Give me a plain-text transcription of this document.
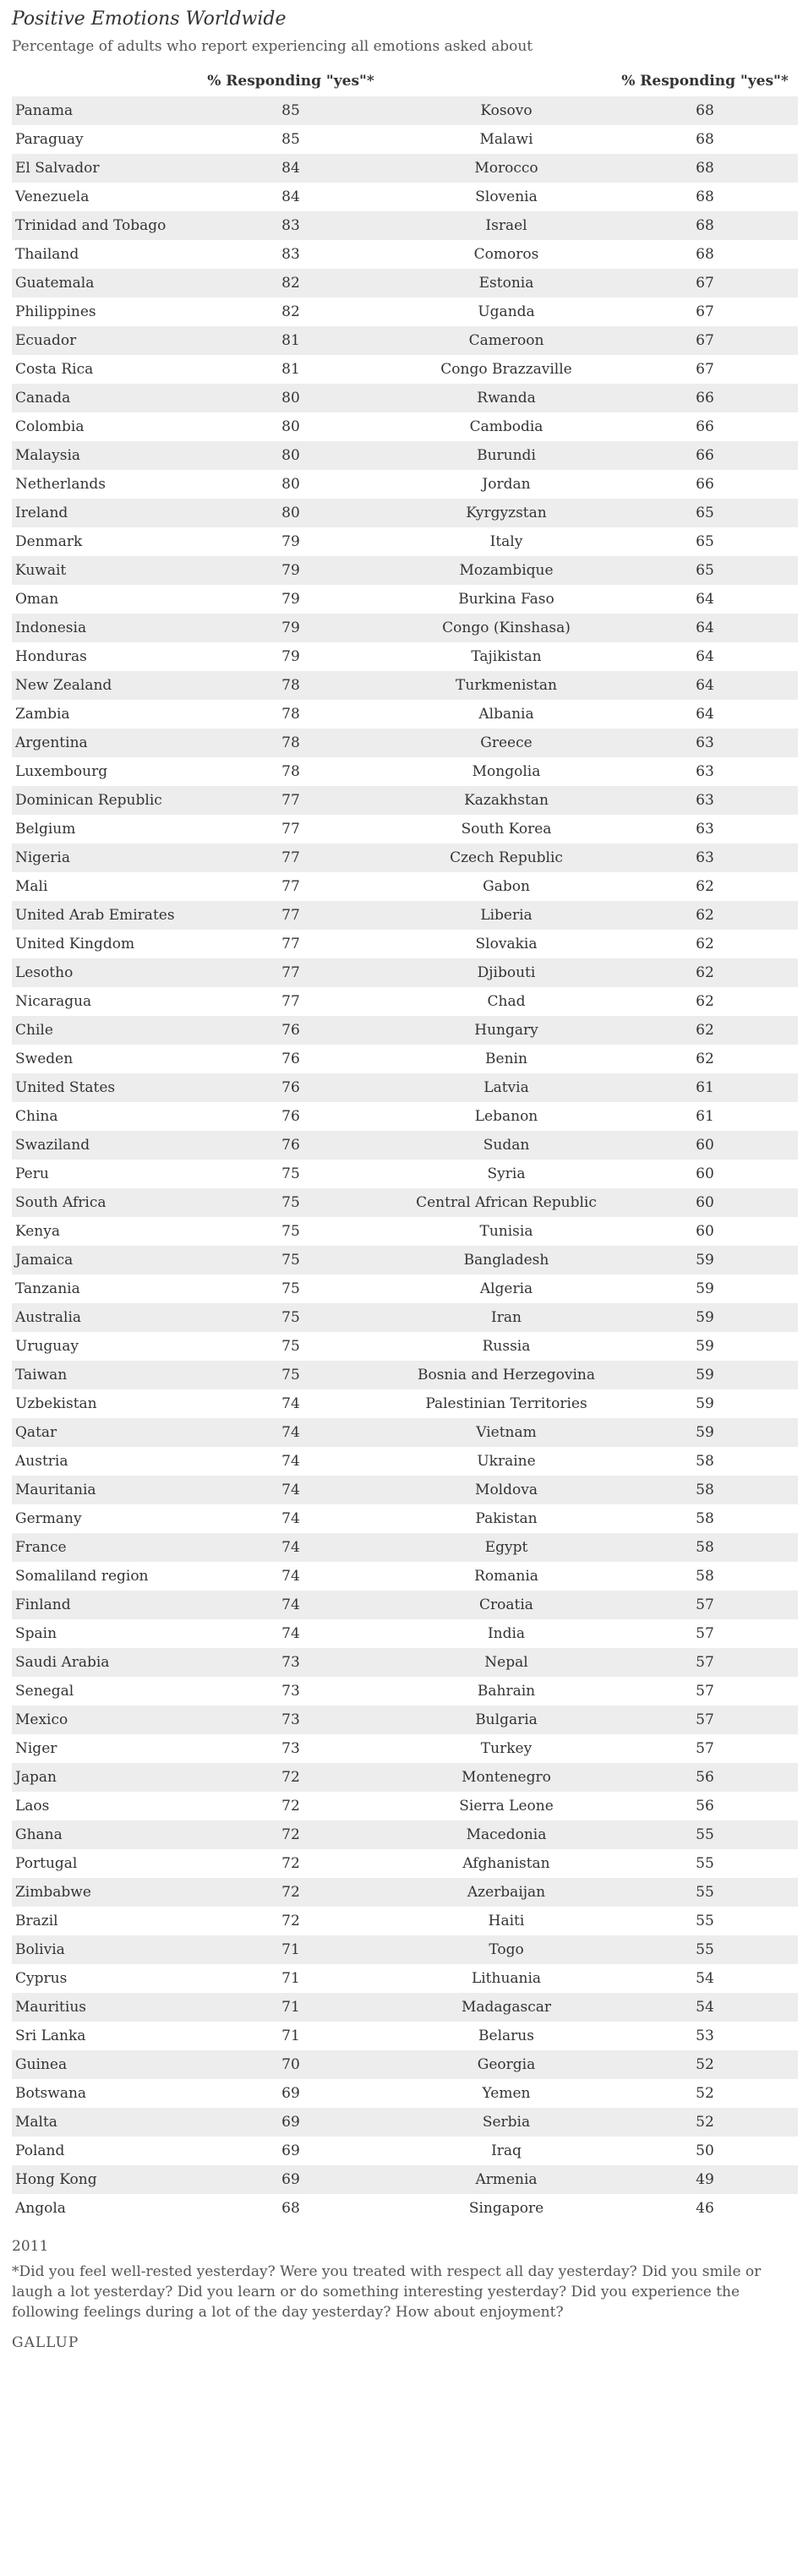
Positive Emotions Worldwide
Percentage of adults who report experiencing all emotions asked about
	% Responding "yes"*		% Responding "yes"*
Panama	85	Kosovo	68
Paraguay	85	Malawi	68
El Salvador	84	Morocco	68
Venezuela	84	Slovenia	68
Trinidad and Tobago	83	Israel	68
Thailand	83	Comoros	68
Guatemala	82	Estonia	67
Philippines	82	Uganda	67
Ecuador	81	Cameroon	67
Costa Rica	81	Congo Brazzaville	67
Canada	80	Rwanda	66
Colombia	80	Cambodia	66
Malaysia	80	Burundi	66
Netherlands	80	Jordan	66
Ireland	80	Kyrgyzstan	65
Denmark	79	Italy	65
Kuwait	79	Mozambique	65
Oman	79	Burkina Faso	64
Indonesia	79	Congo (Kinshasa)	64
Honduras	79	Tajikistan	64
New Zealand	78	Turkmenistan	64
Zambia	78	Albania	64
Argentina	78	Greece	63
Luxembourg	78	Mongolia	63
Dominican Republic	77	Kazakhstan	63
Belgium	77	South Korea	63
Nigeria	77	Czech Republic	63
Mali	77	Gabon	62
United Arab Emirates	77	Liberia	62
United Kingdom	77	Slovakia	62
Lesotho	77	Djibouti	62
Nicaragua	77	Chad	62
Chile	76	Hungary	62
Sweden	76	Benin	62
United States	76	Latvia	61
China	76	Lebanon	61
Swaziland	76	Sudan	60
Peru	75	Syria	60
South Africa	75	Central African Republic	60
Kenya	75	Tunisia	60
Jamaica	75	Bangladesh	59
Tanzania	75	Algeria	59
Australia	75	Iran	59
Uruguay	75	Russia	59
Taiwan	75	Bosnia and Herzegovina	59
Uzbekistan	74	Palestinian Territories	59
Qatar	74	Vietnam	59
Austria	74	Ukraine	58
Mauritania	74	Moldova	58
Germany	74	Pakistan	58
France	74	Egypt	58
Somaliland region	74	Romania	58
Finland	74	Croatia	57
Spain	74	India	57
Saudi Arabia	73	Nepal	57
Senegal	73	Bahrain	57
Mexico	73	Bulgaria	57
Niger	73	Turkey	57
Japan	72	Montenegro	56
Laos	72	Sierra Leone	56
Ghana	72	Macedonia	55
Portugal	72	Afghanistan	55
Zimbabwe	72	Azerbaijan	55
Brazil	72	Haiti	55
Bolivia	71	Togo	55
Cyprus	71	Lithuania	54
Mauritius	71	Madagascar	54
Sri Lanka	71	Belarus	53
Guinea	70	Georgia	52
Botswana	69	Yemen	52
Malta	69	Serbia	52
Poland	69	Iraq	50
Hong Kong	69	Armenia	49
Angola	68	Singapore	46
2011
*Did you feel well-rested yesterday? Were you treated with respect all day yesterday? Did you smile or laugh a lot yesterday? Did you learn or do something interesting yesterday? Did you experience the following feelings during a lot of the day yesterday? How about enjoyment?
GALLUP
